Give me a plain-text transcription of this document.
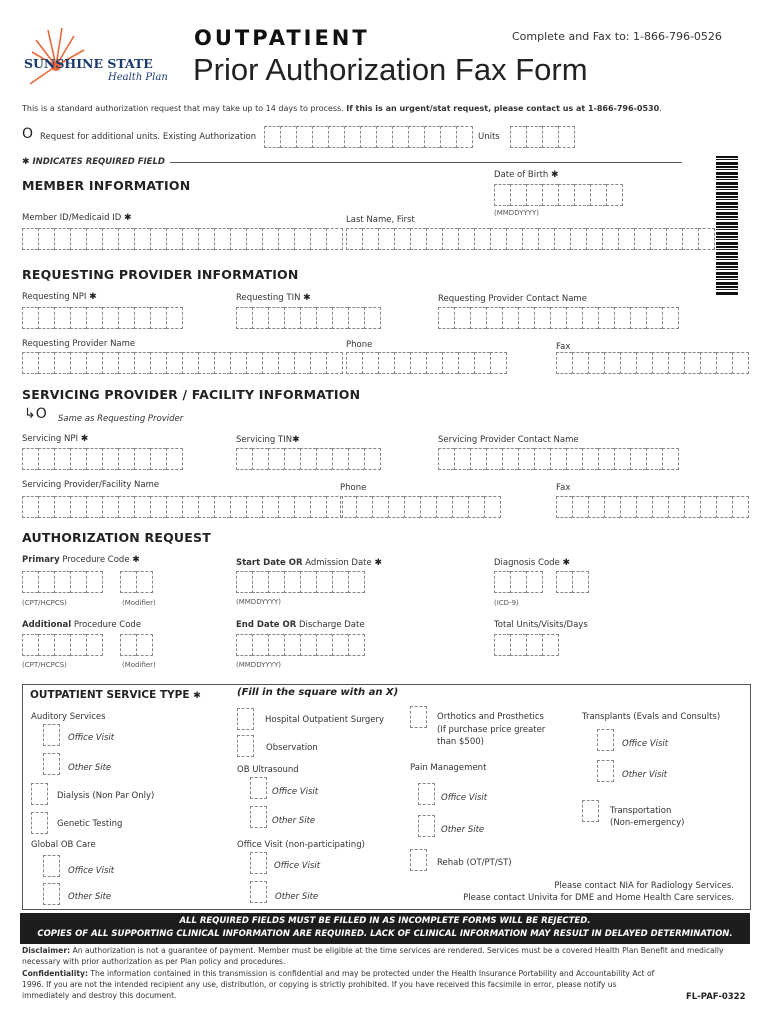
SUNSHINE STATE
Health Plan
OUTPATIENT
Prior Authorization Fax Form
Complete and Fax to: 1-866-796-0526
This is a standard authorization request that may take up to 14 days to process. If this is an urgent/stat request, please contact us at 1-866-796-0530.
O Request for additional units. Existing Authorization	Units
✱ INDICATES REQUIRED FIELD
MEMBER INFORMATION
Date of Birth ✱
(MMDDYYYY)
Member ID/Medicaid ID ✱	Last Name, First
REQUESTING PROVIDER INFORMATION
Requesting NPI ✱	Requesting TIN ✱	Requesting Provider Contact Name
Requesting Provider Name	Phone	Fax
SERVICING PROVIDER / FACILITY INFORMATION
↳O Same as Requesting Provider
Servicing NPI ✱	Servicing TIN✱	Servicing Provider Contact Name
Servicing Provider/Facility Name	Phone	Fax
AUTHORIZATION REQUEST
Primary Procedure Code ✱	Start Date OR Admission Date ✱	Diagnosis Code ✱
(CPT/HCPCS)	(Modifier)	(MMDDYYYY)	(ICD-9)
Additional Procedure Code	End Date OR Discharge Date	Total Units/Visits/Days
(CPT/HCPCS)	(Modifier)	(MMDDYYYY)
OUTPATIENT SERVICE TYPE ✱	(Fill in the square with an X)
Auditory Services
Office Visit
Other Site
Dialysis (Non Par Only)
Genetic Testing
Global OB Care
Office Visit
Other Site
Hospital Outpatient Surgery
Observation
OB Ultrasound
Office Visit
Other Site
Office Visit (non-participating)
Office Visit
Other Site
Orthotics and Prosthetics
(If purchase price greater
than $500)
Pain Management
Office Visit
Other Site
Rehab (OT/PT/ST)
Transplants (Evals and Consults)
Office Visit
Other Visit
Transportation
(Non-emergency)
Please contact NIA for Radiology Services.
Please contact Univita for DME and Home Health Care services.
ALL REQUIRED FIELDS MUST BE FILLED IN AS INCOMPLETE FORMS WILL BE REJECTED.
COPIES OF ALL SUPPORTING CLINICAL INFORMATION ARE REQUIRED. LACK OF CLINICAL INFORMATION MAY RESULT IN DELAYED DETERMINATION.
Disclaimer: An authorization is not a guarantee of payment. Member must be eligible at the time services are rendered. Services must be a covered Health Plan Benefit and medically necessary with prior authorization as per Plan policy and procedures.
Confidentiality: The information contained in this transmission is confidential and may be protected under the Health Insurance Portability and Accountability Act of 1996. If you are not the intended recipient any use, distribution, or copying is strictly prohibited. If you have received this facsimile in error, please notify us immediately and destroy this document.	FL-PAF-0322
